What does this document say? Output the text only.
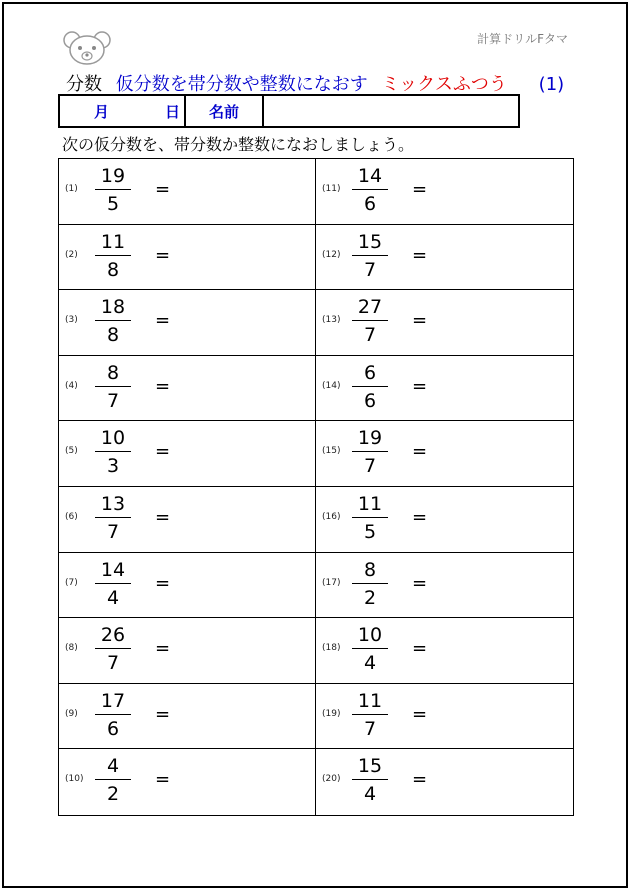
計算ドリルFタマ
分数 仮分数を帯分数や整数になおす ミックスふつう (1)
月	日	名前
次の仮分数を、帯分数か整数になおしましょう。
(1)
19
5
=	(11)
14
6
=
(2)
11
8
=	(12)
15
7
=
(3)
18
8
=	(13)
27
7
=
(4)
8
7
=	(14)
6
6
=
(5)
10
3
=	(15)
19
7
=
(6)
13
7
=	(16)
11
5
=
(7)
14
4
=	(17)
8
2
=
(8)
26
7
=	(18)
10
4
=
(9)
17
6
=	(19)
11
7
=
(10)
4
2
=	(20)
15
4
=
